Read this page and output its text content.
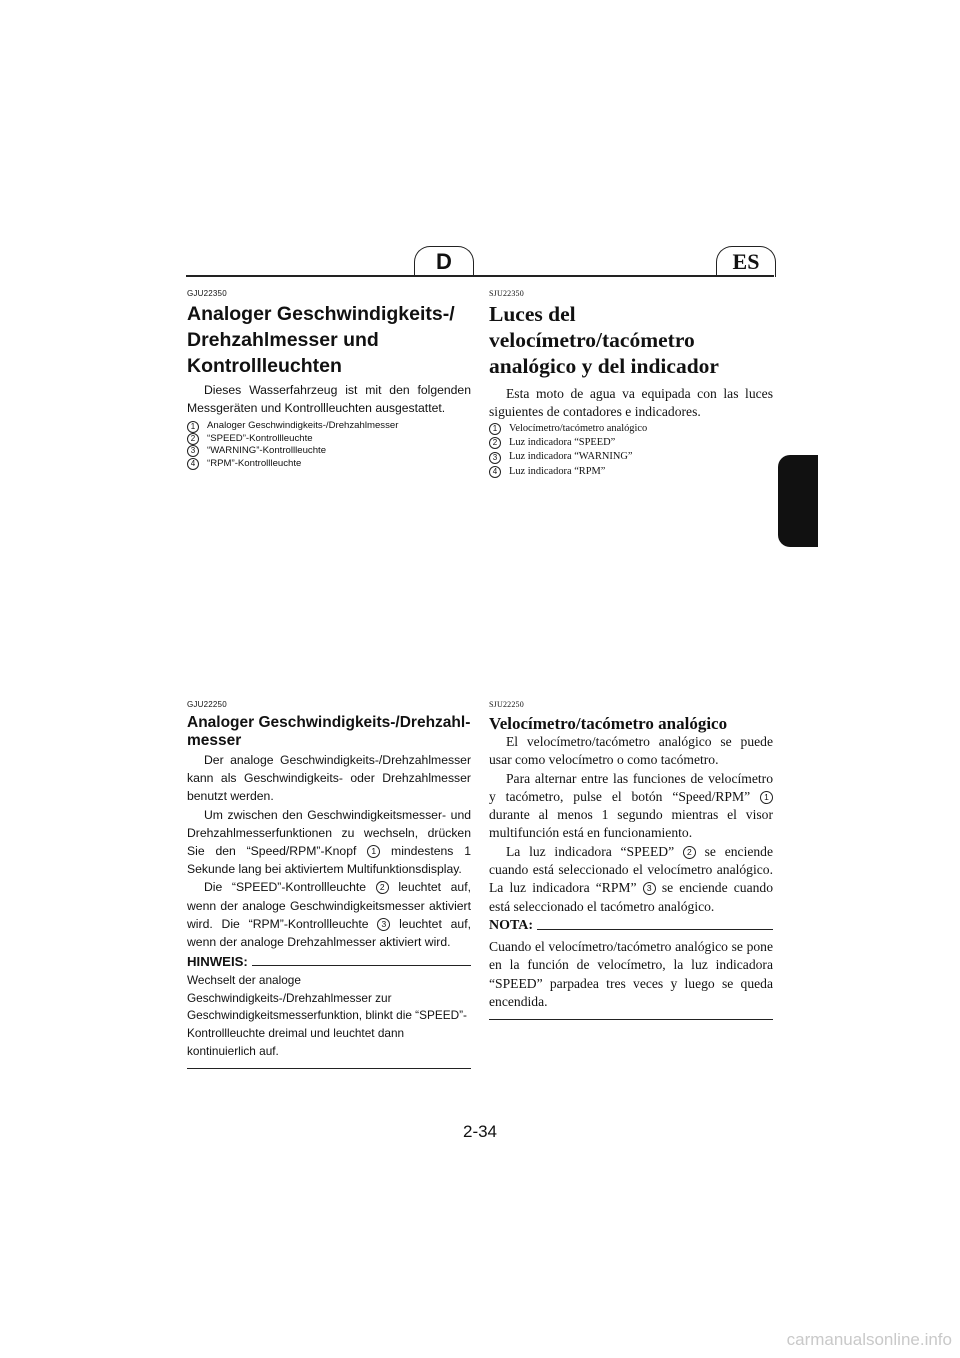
D	ES

GJU22350

Analoger Geschwindigkeits-/

Drehzahlmesser und

Kontrollleuchten

Dieses Wasserfahrzeug ist mit den folgenden Messgeräten und Kontrollleuchten ausgestattet.

1	Analoger Geschwindigkeits-/Drehzahlmesser
2	“SPEED”-Kontrollleuchte
3	“WARNING”-Kontrollleuchte
4	“RPM”-Kontrollleuchte

SJU22350

Luces del velocímetro/tacómetro

analógico y del indicador

Esta moto de agua va equipada con las luces siguientes de contadores e indicadores.

1	Velocímetro/tacómetro analógico
2	Luz indicadora “SPEED”
3	Luz indicadora “WARNING”
4	Luz indicadora “RPM”

GJU22250

Analoger Geschwindigkeits-/Drehzahl-

messer

Der analoge Geschwindigkeits-/Drehzahlmesser kann als Geschwindigkeits- oder Drehzahlmesser benutzt werden.

Um zwischen den Geschwindigkeitsmesser- und Drehzahlmesserfunktionen zu wechseln, drücken Sie den “Speed/RPM”-Knopf 1 mindestens 1 Sekunde lang bei aktiviertem Multifunktionsdisplay.

Die “SPEED”-Kontrollleuchte 2 leuchtet auf, wenn der analoge Geschwindigkeitsmesser aktiviert wird. Die “RPM”-Kontrollleuchte 3 leuchtet auf, wenn der analoge Drehzahlmesser aktiviert wird.

HINWEIS:

Wechselt der analoge Geschwindigkeits-/Drehzahlmesser zur Geschwindigkeitsmesserfunktion, blinkt die “SPEED”-Kontrollleuchte dreimal und leuchtet dann kontinuierlich auf.

SJU22250

Velocímetro/tacómetro analógico

El velocímetro/tacómetro analógico se puede usar como velocímetro o como tacómetro.

Para alternar entre las funciones de velocímetro y tacómetro, pulse el botón “Speed/RPM” 1 durante al menos 1 segundo mientras el visor multifunción está en funcionamiento.

La luz indicadora “SPEED” 2 se enciende cuando está seleccionado el velocímetro analógico. La luz indicadora “RPM” 3 se enciende cuando está seleccionado el tacómetro analógico.

NOTA:

Cuando el velocímetro/tacómetro analógico se pone en la función de velocímetro, la luz indicadora “SPEED” parpadea tres veces y luego se queda encendida.

2-34
carmanualsonline.info
